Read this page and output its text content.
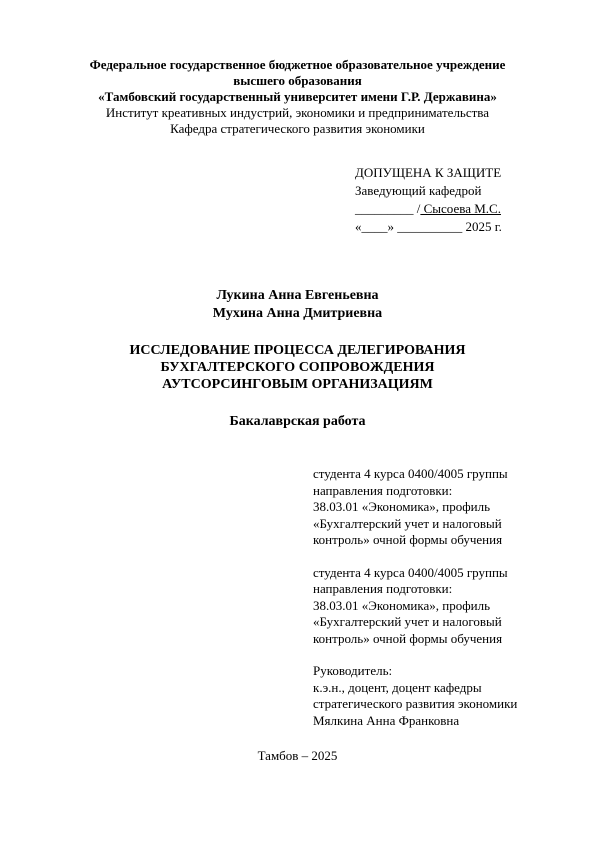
Федеральное государственное бюджетное образовательное учреждение
высшего образования
«Тамбовский государственный университет имени Г.Р. Державина»
Институт креативных индустрий, экономики и предпринимательства
Кафедра стратегического развития экономики
ДОПУЩЕНА К ЗАЩИТЕ
Заведующий кафедрой
_________ / Сысоева М.С.
«____» __________ 2025 г.
Лукина Анна Евгеньевна
Мухина Анна Дмитриевна
ИССЛЕДОВАНИЕ ПРОЦЕССА ДЕЛЕГИРОВАНИЯ
БУХГАЛТЕРСКОГО СОПРОВОЖДЕНИЯ
АУТСОРСИНГОВЫМ ОРГАНИЗАЦИЯМ
Бакалаврская работа
студента 4 курса 0400/4005 группы
направления подготовки:
38.03.01 «Экономика», профиль
«Бухгалтерский учет и налоговый
контроль» очной формы обучения
студента 4 курса 0400/4005 группы
направления подготовки:
38.03.01 «Экономика», профиль
«Бухгалтерский учет и налоговый
контроль» очной формы обучения
Руководитель:
к.э.н., доцент, доцент кафедры
стратегического развития экономики
Мялкина Анна Франковна
Тамбов – 2025
